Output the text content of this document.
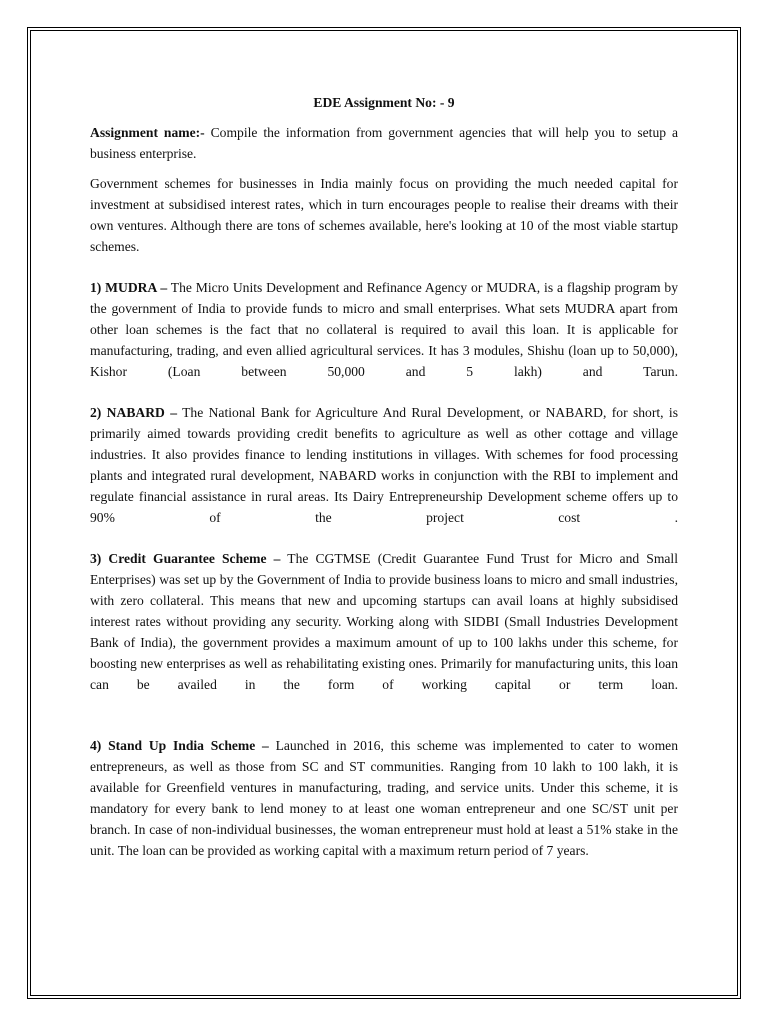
EDE Assignment No: - 9

Assignment name:- Compile the information from government agencies that will help you to setup a business enterprise.

Government schemes for businesses in India mainly focus on providing the much needed capital for investment at subsidised interest rates, which in turn encourages people to realise their dreams with their own ventures. Although there are tons of schemes available, here's looking at 10 of the most viable startup schemes.

1) MUDRA – The Micro Units Development and Refinance Agency or MUDRA, is a flagship program by the government of India to provide funds to micro and small enterprises. What sets MUDRA apart from other loan schemes is the fact that no collateral is required to avail this loan. It is applicable for manufacturing, trading, and even allied agricultural services. It has 3 modules, Shishu (loan up to 50,000), Kishor (Loan between 50,000 and 5 lakh) and Tarun.

2) NABARD – The National Bank for Agriculture And Rural Development, or NABARD, for short, is primarily aimed towards providing credit benefits to agriculture as well as other cottage and village industries. It also provides finance to lending institutions in villages. With schemes for food processing plants and integrated rural development, NABARD works in conjunction with the RBI to implement and regulate financial assistance in rural areas. Its Dairy Entrepreneurship Development scheme offers up to 90% of the project cost .

3) Credit Guarantee Scheme – The CGTMSE (Credit Guarantee Fund Trust for Micro and Small Enterprises) was set up by the Government of India to provide business loans to micro and small industries, with zero collateral. This means that new and upcoming startups can avail loans at highly subsidised interest rates without providing any security. Working along with SIDBI (Small Industries Development Bank of India), the government provides a maximum amount of up to 100 lakhs under this scheme, for boosting new enterprises as well as rehabilitating existing ones. Primarily for manufacturing units, this loan can be availed in the form of working capital or term loan.

4) Stand Up India Scheme – Launched in 2016, this scheme was implemented to cater to women entrepreneurs, as well as those from SC and ST communities. Ranging from 10 lakh to 100 lakh, it is available for Greenfield ventures in manufacturing, trading, and service units. Under this scheme, it is mandatory for every bank to lend money to at least one woman entrepreneur and one SC/ST unit per branch. In case of non-individual businesses, the woman entrepreneur must hold at least a 51% stake in the unit. The loan can be provided as working capital with a maximum return period of 7 years.
